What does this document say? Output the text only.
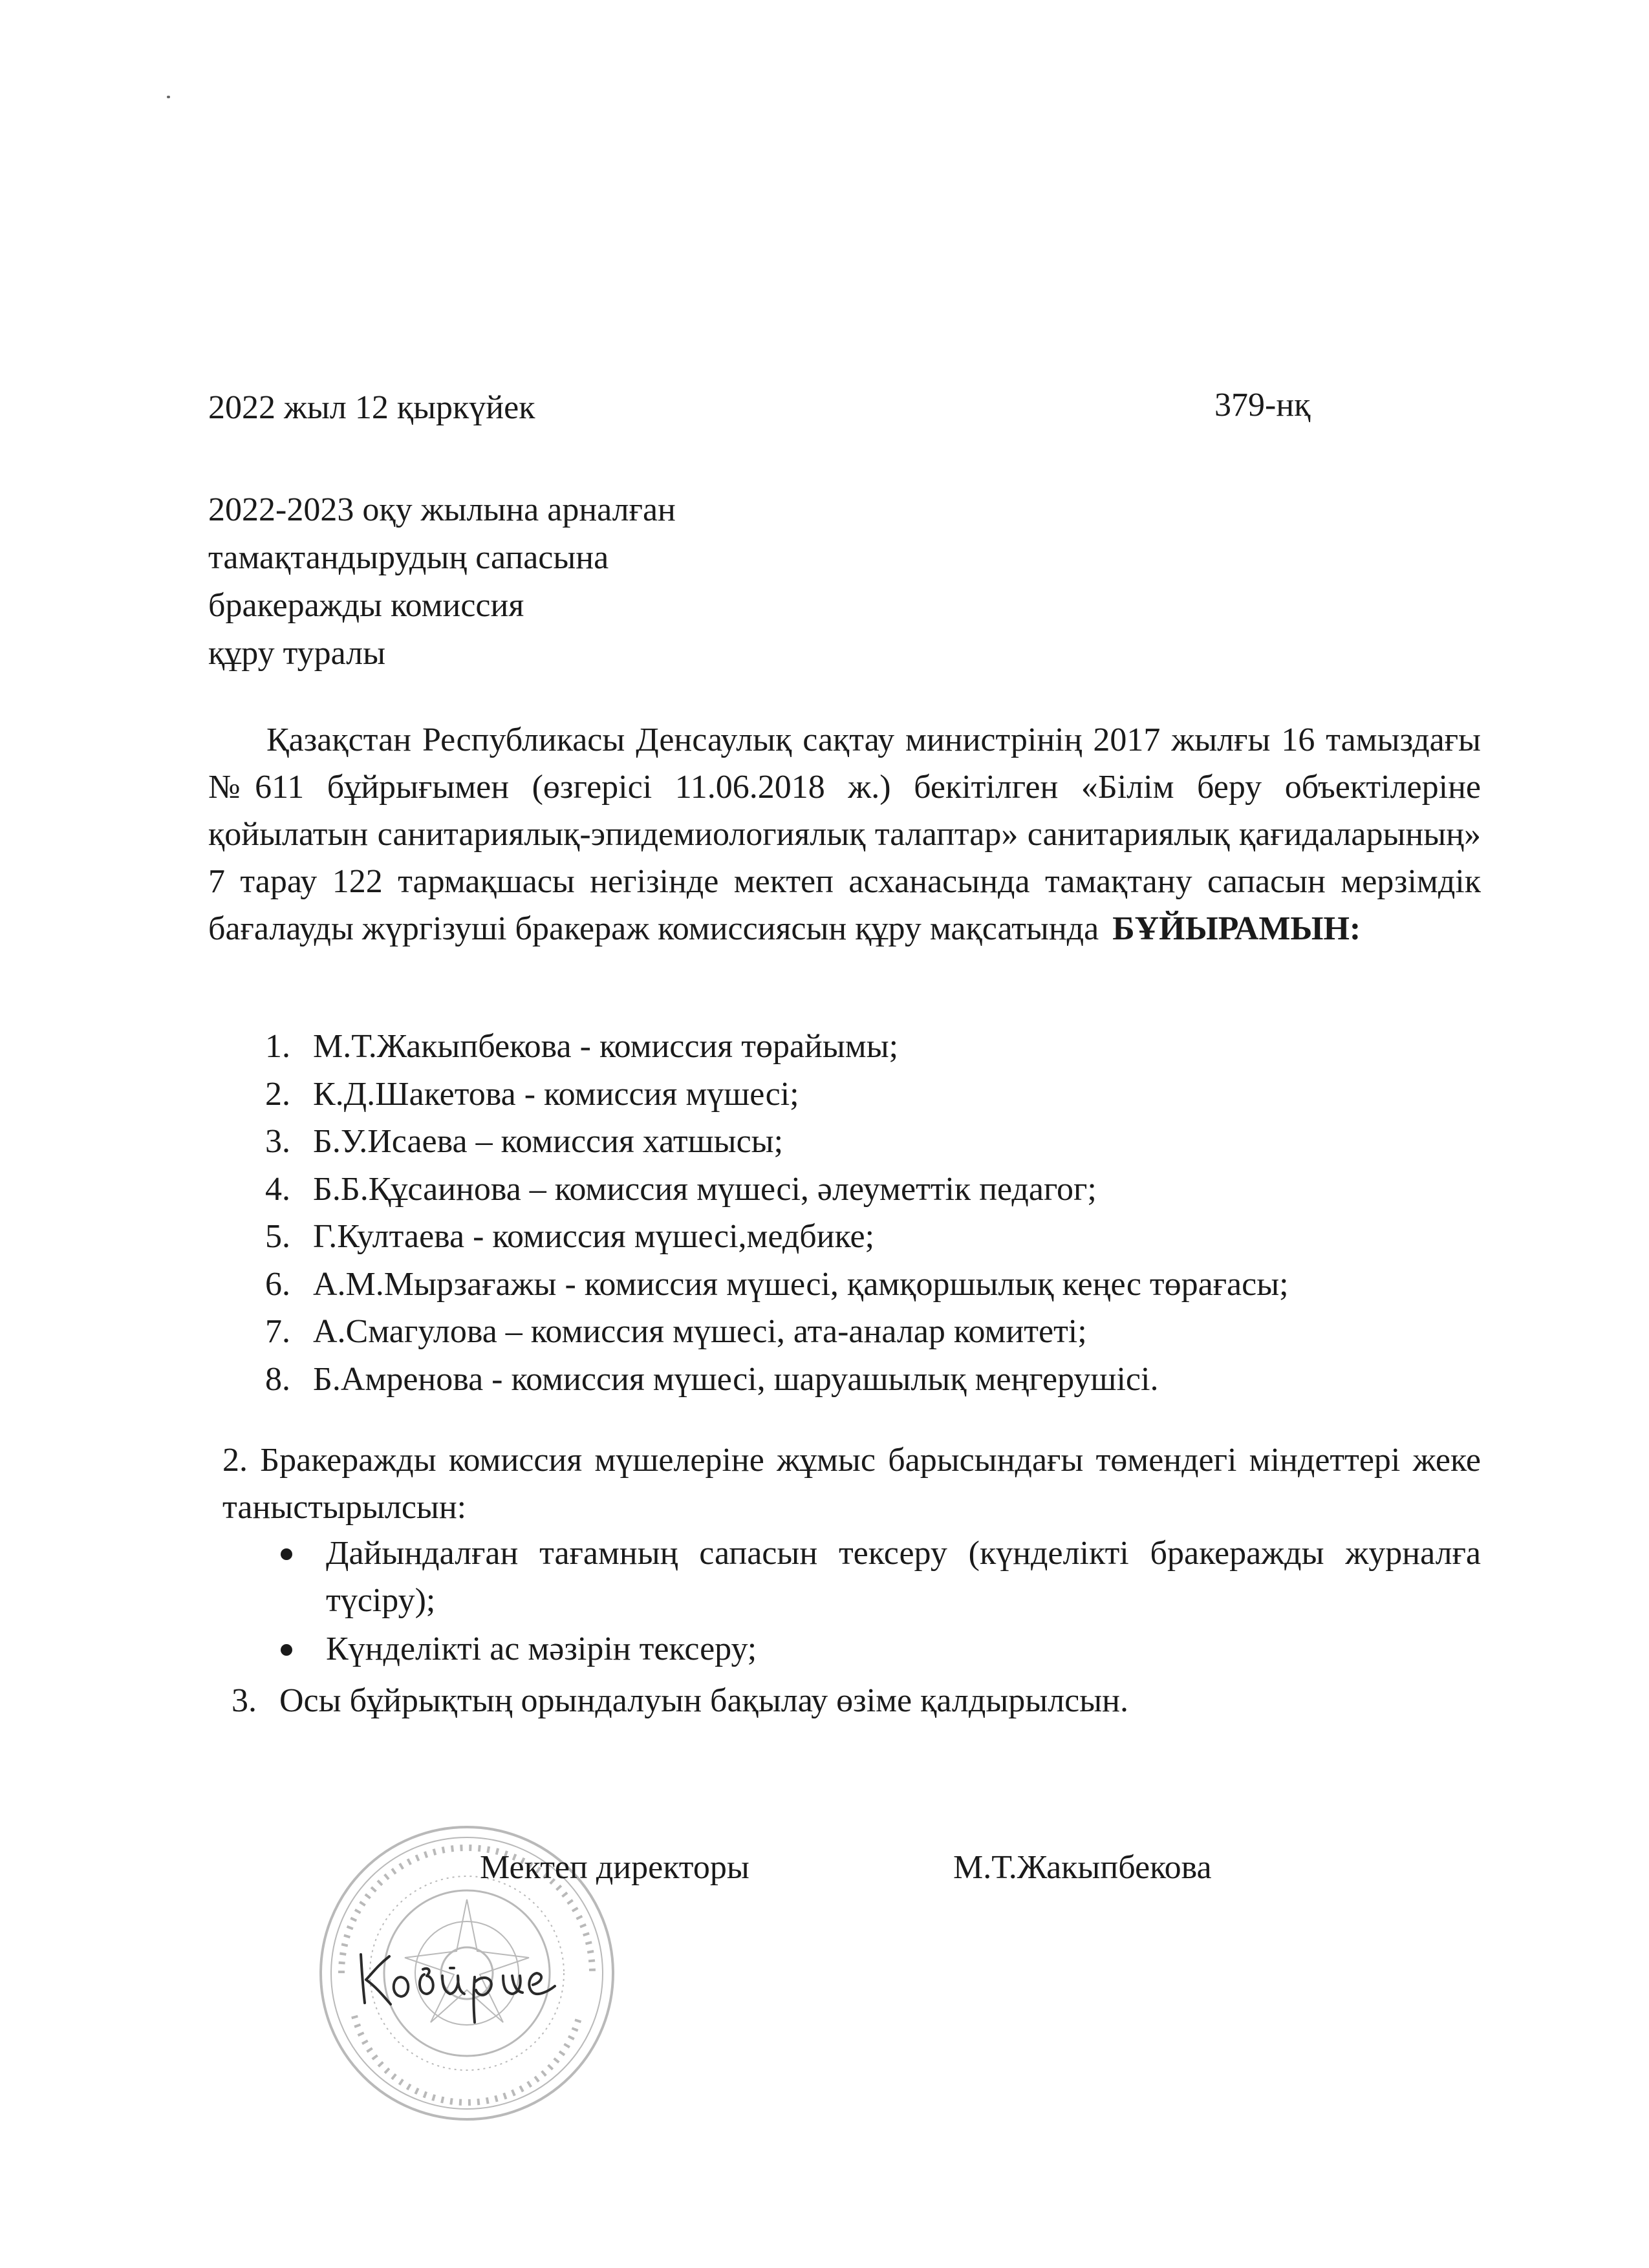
2022 жыл 12 қыркүйек	379-нқ
2022-2023 оқу жылына арналған
тамақтандырудың сапасына
бракеражды комиссия
құру туралы
Қазақстан Республикасы Денсаулық сақтау министрінің 2017 жылғы 16 тамыздағы №611 бұйрығымен (өзгерісі 11.06.2018 ж.) бекітілген «Білім беру объектілеріне қойылатын санитариялық-эпидемиологиялық талаптар» санитариялық қағидаларының» 7 тарау 122 тармақшасы негізінде мектеп асханасында тамақтану сапасын мерзімдік бағалауды жүргізуші бракераж комиссиясын құру мақсатында БҰЙЫРАМЫН:
1. М.Т.Жакыпбекова - комиссия төрайымы;
2. К.Д.Шакетова - комиссия мүшесі;
3. Б.У.Исаева – комиссия хатшысы;
4. Б.Б.Құсаинова – комиссия мүшесі, әлеуметтік педагог;
5. Г.Култаева - комиссия мүшесі,медбике;
6. А.М.Мырзағажы - комиссия мүшесі, қамқоршылық кеңес төрағасы;
7. А.Смагулова – комиссия мүшесі, ата-аналар комитеті;
8. Б.Амренова - комиссия мүшесі, шаруашылық меңгерушісі.
2. Бракеражды комиссия мүшелеріне жұмыс барысындағы төмендегі міндеттері жеке таныстырылсын:
Дайындалған тағамның сапасын тексеру (күнделікті бракеражды журналға түсіру);
Күнделікті ас мәзірін тексеру;
3. Осы бұйрықтың орындалуын бақылау өзіме қалдырылсын.
Мектеп директоры	М.Т.Жакыпбекова
